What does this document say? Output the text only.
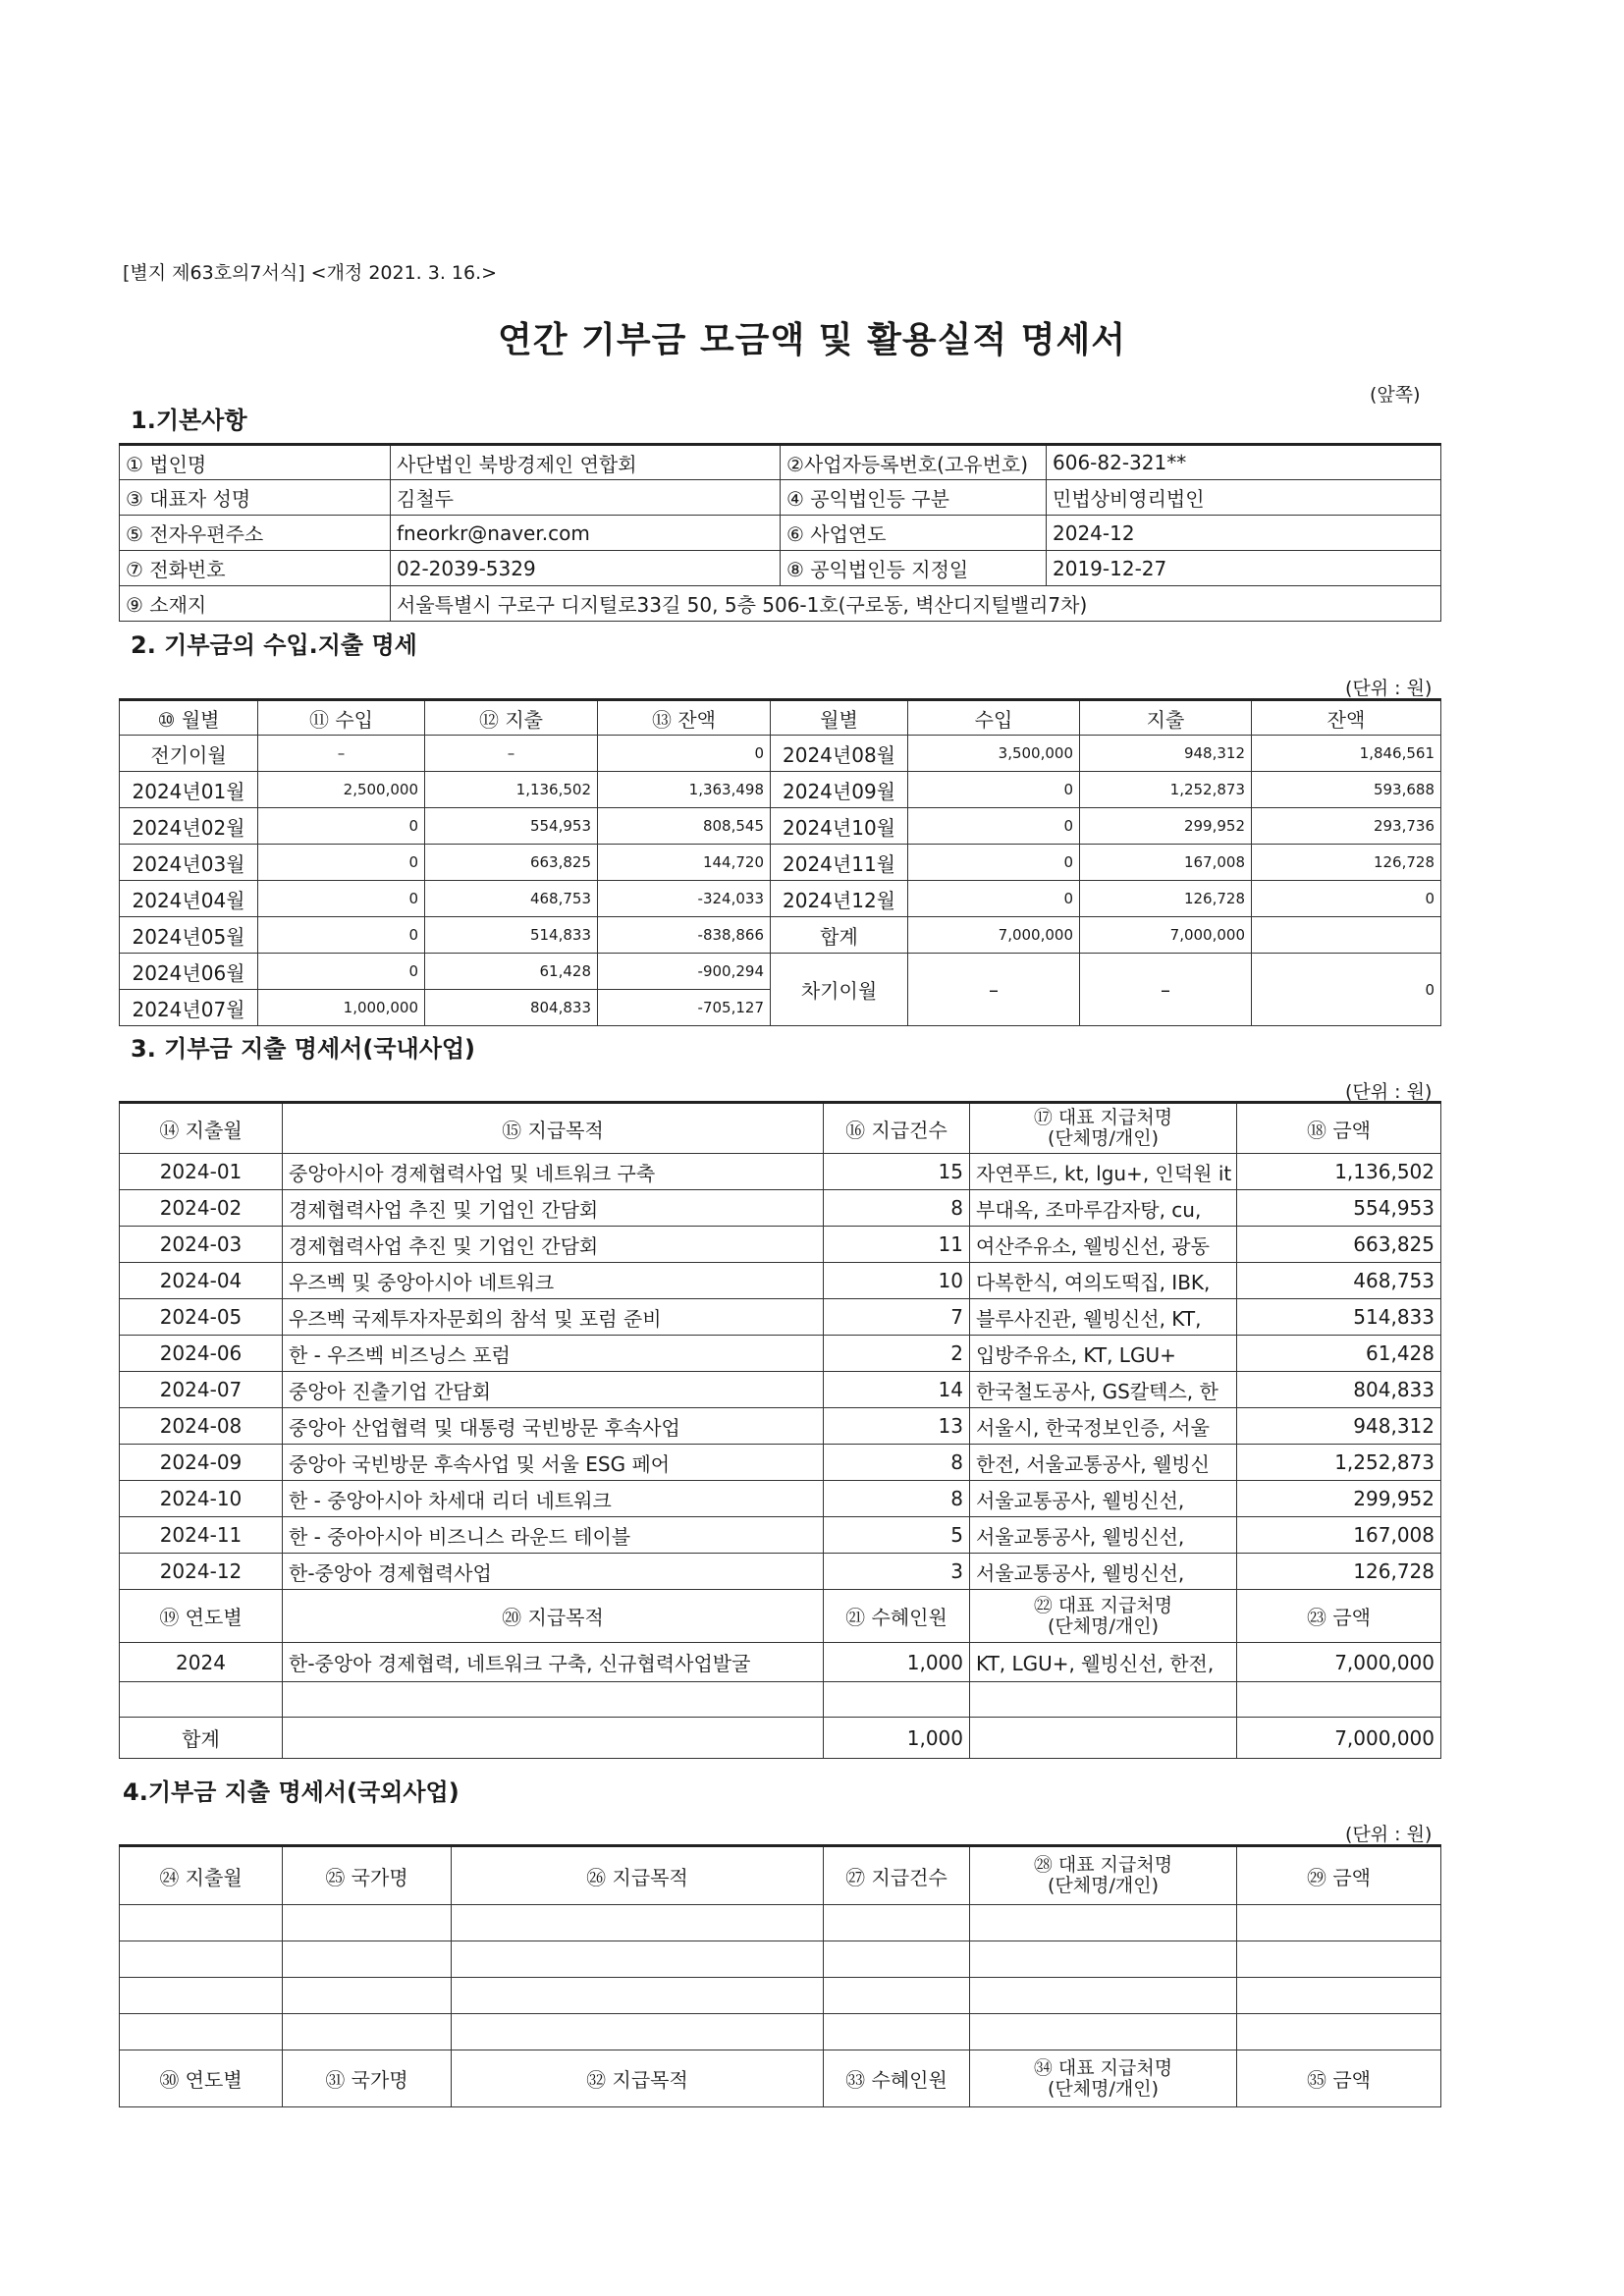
[별지 제63호의7서식] <개정 2021. 3. 16.>
연간 기부금 모금액 및 활용실적 명세서
(앞쪽)
1.기본사항
① 법인명	사단법인 북방경제인 연합회	②사업자등록번호(고유번호)	606-82-321**
③ 대표자 성명	김철두	④ 공익법인등 구분	민법상비영리법인
⑤ 전자우편주소	fneorkr@naver.com	⑥ 사업연도	2024-12
⑦ 전화번호	02-2039-5329	⑧ 공익법인등 지정일	2019-12-27
⑨ 소재지	서울특별시 구로구 디지털로33길 50, 5층 506-1호(구로동, 벽산디지털밸리7차)		
2. 기부금의 수입.지출 명세
(단위 : 원)
⑩ 월별	⑪ 수입	⑫ 지출	⑬ 잔액	월별	수입	지출	잔액
전기이월	–	–	0	2024년08월	3,500,000	948,312	1,846,561
2024년01월	2,500,000	1,136,502	1,363,498	2024년09월	0	1,252,873	593,688
2024년02월	0	554,953	808,545	2024년10월	0	299,952	293,736
2024년03월	0	663,825	144,720	2024년11월	0	167,008	126,728
2024년04월	0	468,753	-324,033	2024년12월	0	126,728	0
2024년05월	0	514,833	-838,866	합계	7,000,000	7,000,000	
2024년06월	0	61,428	-900,294	차기이월	–	–	0
2024년07월	1,000,000	804,833	-705,127				
3. 기부금 지출 명세서(국내사업)
(단위 : 원)
⑭ 지출월	⑮ 지급목적	⑯ 지급건수	⑰ 대표 지급처명
(단체명/개인)	⑱ 금액
2024-01	중앙아시아 경제협력사업 및 네트워크 구축	15	자연푸드, kt, lgu+, 인덕원 it	1,136,502
2024-02	경제협력사업 추진 및 기업인 간담회	8	부대옥, 조마루감자탕, cu,	554,953
2024-03	경제협력사업 추진 및 기업인 간담회	11	여산주유소, 웰빙신선, 광동	663,825
2024-04	우즈벡 및 중앙아시아 네트워크	10	다복한식, 여의도떡집, IBK,	468,753
2024-05	우즈벡 국제투자자문회의 참석 및 포럼 준비	7	블루사진관, 웰빙신선, KT,	514,833
2024-06	한 - 우즈벡 비즈닝스 포럼	2	입방주유소, KT, LGU+	61,428
2024-07	중앙아 진출기업 간담회	14	한국철도공사, GS칼텍스, 한	804,833
2024-08	중앙아 산업협력 및 대통령 국빈방문 후속사업	13	서울시, 한국정보인증, 서울	948,312
2024-09	중앙아 국빈방문 후속사업 및 서울 ESG 페어	8	한전, 서울교통공사, 웰빙신	1,252,873
2024-10	한 - 중앙아시아 차세대 리더 네트워크	8	서울교통공사, 웰빙신선,	299,952
2024-11	한 - 중아아시아 비즈니스 라운드 테이블	5	서울교통공사, 웰빙신선,	167,008
2024-12	한-중앙아 경제협력사업	3	서울교통공사, 웰빙신선,	126,728
⑲ 연도별	⑳ 지급목적	㉑ 수혜인원	㉒ 대표 지급처명
(단체명/개인)	㉓ 금액
2024	한-중앙아 경제협력, 네트워크 구축, 신규협력사업발굴	1,000	KT, LGU+, 웰빙신선, 한전,	7,000,000

합계		1,000		7,000,000
4.기부금 지출 명세서(국외사업)
(단위 : 원)
㉔ 지출월	㉕ 국가명	㉖ 지급목적	㉗ 지급건수	㉘ 대표 지급처명
(단체명/개인)	㉙ 금액

㉚ 연도별	㉛ 국가명	㉜ 지급목적	㉝ 수혜인원	㉞ 대표 지급처명
(단체명/개인)	㉟ 금액
